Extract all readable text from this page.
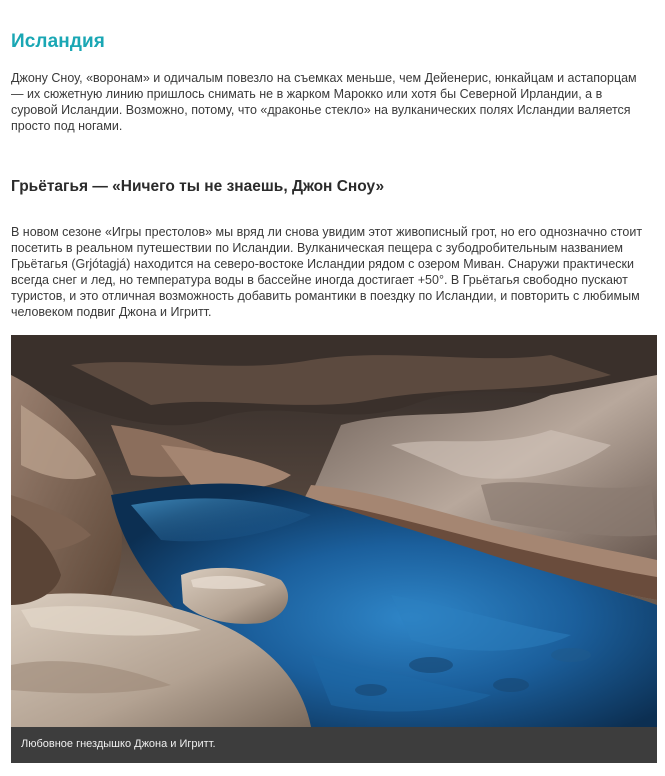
Исландия

Джону Сноу, «воронам» и одичалым повезло на съемках меньше, чем Дейенерис, юнкайцам и астапорцам — их сюжетную линию пришлось снимать не в жарком Марокко или хотя бы Северной Ирландии, а в суровой Исландии. Возможно, потому, что «драконье стекло» на вулканических полях Исландии валяется просто под ногами.

Грьётагья — «Ничего ты не знаешь, Джон Сноу»

В новом сезоне «Игры престолов» мы вряд ли снова увидим этот живописный грот, но его однозначно стоит посетить в реальном путешествии по Исландии. Вулканическая пещера с зубодробительным названием Грьётагья (Grjótagjá) находится на северо-востоке Исландии рядом с озером Миван. Снаружи практически всегда снег и лед, но температура воды в бассейне иногда достигает +50°. В Грьётагья свободно пускают туристов, и это отличная возможность добавить романтики в поездку по Исландии, и повторить с любимым человеком подвиг Джона и Игритт.

Любовное гнездышко Джона и Игритт.
